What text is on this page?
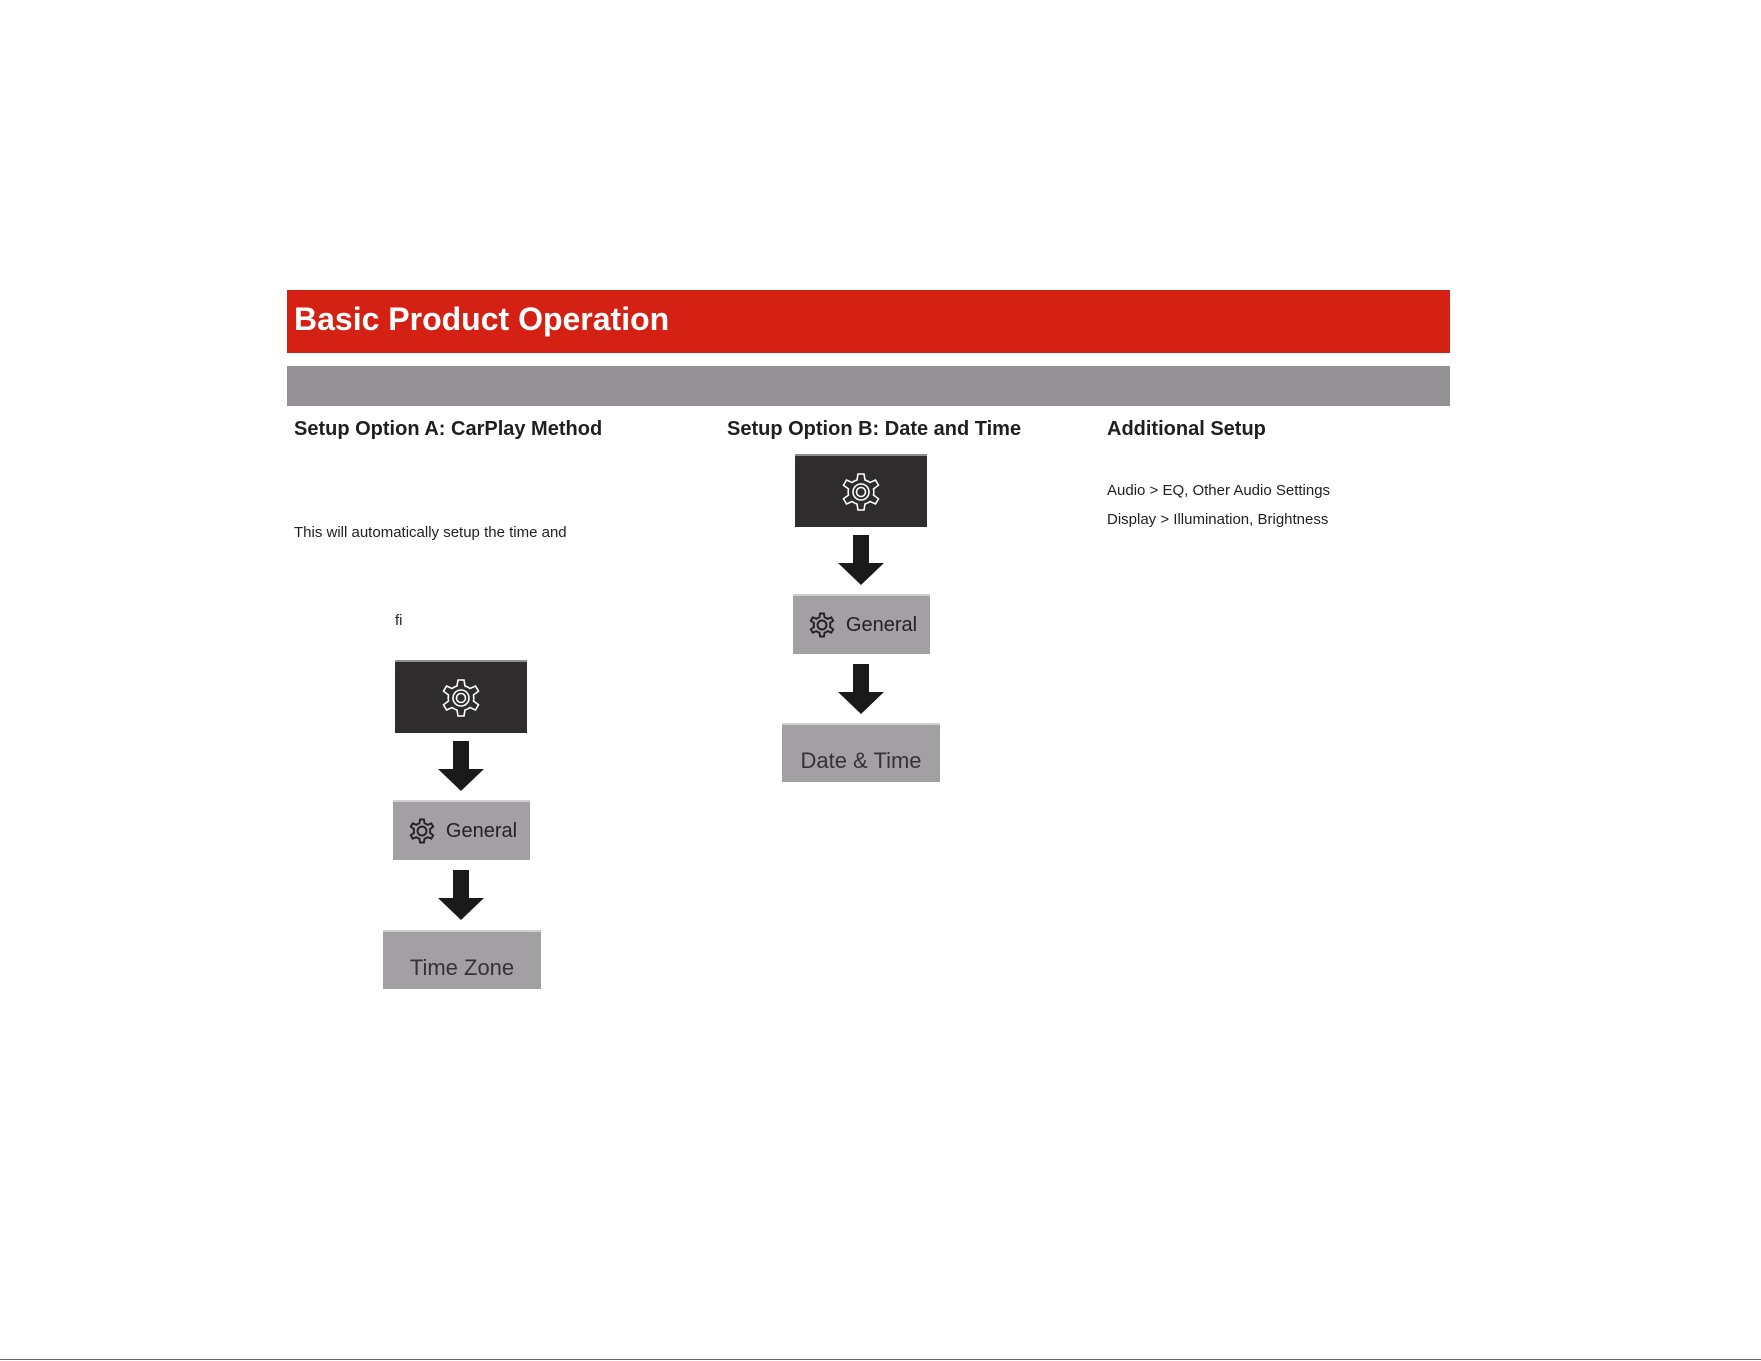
Basic Product Operation
Setup Option A: CarPlay Method
This will automatically setup the time and
fi
General
Time Zone
Setup Option B: Date and Time
General
Date & Time
Additional Setup
Audio > EQ, Other Audio Settings
Display > Illumination, Brightness
